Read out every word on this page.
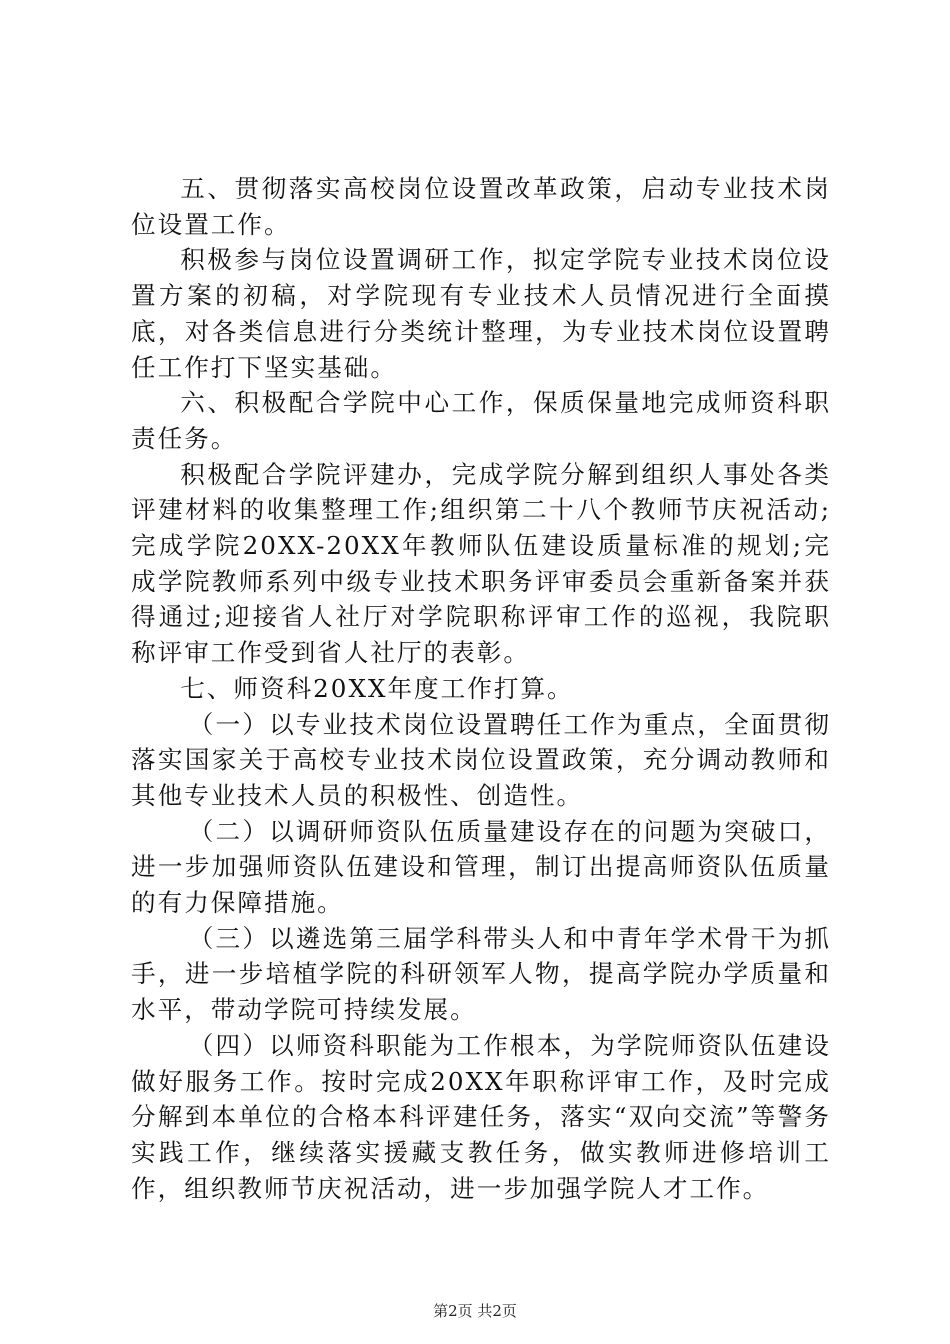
五、贯彻落实高校岗位设置改革政策，启动专业技术岗位设置工作。

积极参与岗位设置调研工作，拟定学院专业技术岗位设置方案的初稿，对学院现有专业技术人员情况进行全面摸底，对各类信息进行分类统计整理，为专业技术岗位设置聘任工作打下坚实基础。

六、积极配合学院中心工作，保质保量地完成师资科职责任务。

积极配合学院评建办，完成学院分解到组织人事处各类评建材料的收集整理工作;组织第二十八个教师节庆祝活动;完成学院20XX-20XX年教师队伍建设质量标准的规划;完成学院教师系列中级专业技术职务评审委员会重新备案并获得通过;迎接省人社厅对学院职称评审工作的巡视，我院职称评审工作受到省人社厅的表彰。

七、师资科20XX年度工作打算。

（一）以专业技术岗位设置聘任工作为重点，全面贯彻落实国家关于高校专业技术岗位设置政策，充分调动教师和其他专业技术人员的积极性、创造性。

（二）以调研师资队伍质量建设存在的问题为突破口，进一步加强师资队伍建设和管理，制订出提高师资队伍质量的有力保障措施。

（三）以遴选第三届学科带头人和中青年学术骨干为抓手，进一步培植学院的科研领军人物，提高学院办学质量和水平，带动学院可持续发展。

（四）以师资科职能为工作根本，为学院师资队伍建设做好服务工作。按时完成20XX年职称评审工作，及时完成分解到本单位的合格本科评建任务，落实“双向交流”等警务实践工作，继续落实援藏支教任务，做实教师进修培训工作，组织教师节庆祝活动，进一步加强学院人才工作。

第2页 共2页
